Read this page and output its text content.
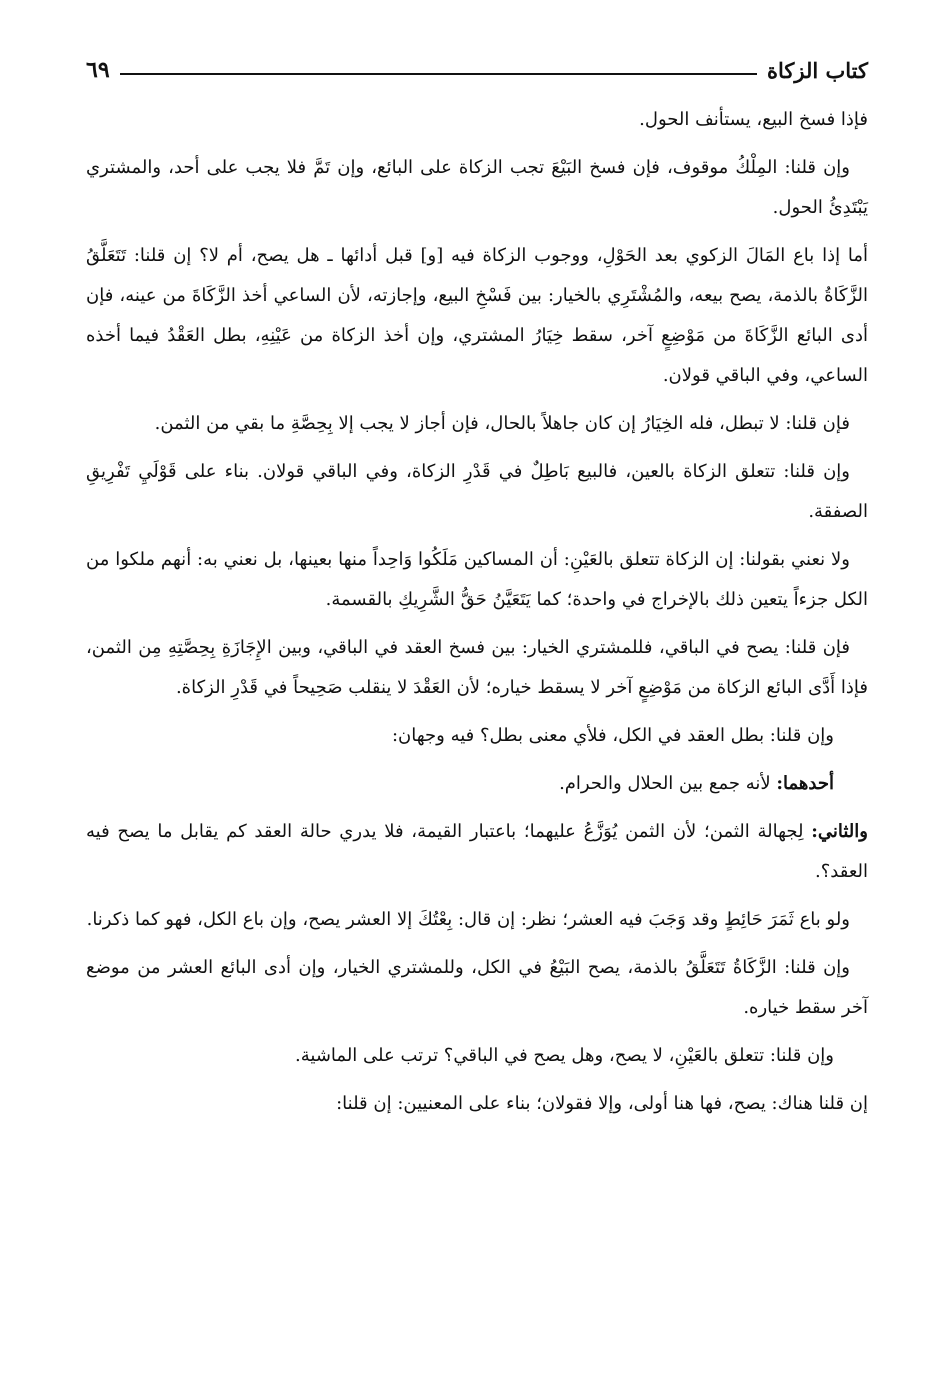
كتاب الزكاة
٦٩

فإذا فسخ البيع، يستأنف الحول.

وإن قلنا: المِلْكُ موقوف، فإن فسخ البَيْعَ تجب الزكاة على البائع، وإن تَمَّ فلا يجب على أحد، والمشتري يَبْتَدِئُ الحول.

أما إذا باع المَالَ الزكوي بعد الحَوْلِ، ووجوب الزكاة فيه [و] قبل أدائها ـ هل يصح، أم لا؟ إن قلنا: تَتَعَلَّقُ الزَّكَاةُ بالذمة، يصح بيعه، والمُشْتَرِي بالخيار: بين فَسْخِ البيع، وإجازته، لأن الساعي أخذ الزَّكَاةَ من عينه، فإن أدى البائع الزَّكَاةَ من مَوْضِعٍ آخر، سقط خِيَارُ المشتري، وإن أخذ الزكاة من عَيْنِهِ، بطل العَقْدُ فيما أخذه الساعي، وفي الباقي قولان.

فإن قلنا: لا تبطل، فله الخِيَارُ إن كان جاهلاً بالحال، فإن أجاز لا يجب إلا بِحِصَّةِ ما بقي من الثمن.

وإن قلنا: تتعلق الزكاة بالعين، فالبيع بَاطِلٌ في قَدْرِ الزكاة، وفي الباقي قولان. بناء على قَوْلَيِ تَفْرِيقِ الصفقة.

ولا نعني بقولنا: إن الزكاة تتعلق بالعَيْنِ: أن المساكين مَلَكُوا وَاحِداً منها بعينها، بل نعني به: أنهم ملكوا من الكل جزءاً يتعين ذلك بالإخراج في واحدة؛ كما يَتَعَيَّنُ حَقُّ الشَّرِيكِ بالقسمة.

فإن قلنا: يصح في الباقي، فللمشتري الخيار: بين فسخ العقد في الباقي، وبين الإِجَازَةِ بِحِصَّتِهِ مِن الثمن، فإذا أَدَّى البائع الزكاة من مَوْضِعٍ آخر لا يسقط خياره؛ لأن العَقْدَ لا ينقلب صَحِيحاً في قَدْرِ الزكاة.

وإن قلنا: بطل العقد في الكل، فلأي معنى بطل؟ فيه وجهان:

أحدهما: لأنه جمع بين الحلال والحرام.

والثاني: لِجهالة الثمن؛ لأن الثمن يُوَزَّعُ عليهما؛ باعتبار القيمة، فلا يدري حالة العقد كم يقابل ما يصح فيه العقد؟.

ولو باع ثَمَرَ حَائِطٍ وقد وَجَبَ فيه العشر؛ نظر: إن قال: بِعْتُكَ إلا العشر يصح، وإن باع الكل، فهو كما ذكرنا.

وإن قلنا: الزَّكَاةُ تَتَعَلَّقُ بالذمة، يصح البَيْعُ في الكل، وللمشتري الخيار، وإن أدى البائع العشر من موضع آخر سقط خياره.

وإن قلنا: تتعلق بالعَيْنِ، لا يصح، وهل يصح في الباقي؟ ترتب على الماشية.

إن قلنا هناك: يصح، فها هنا أولى، وإلا فقولان؛ بناء على المعنيين: إن قلنا:
